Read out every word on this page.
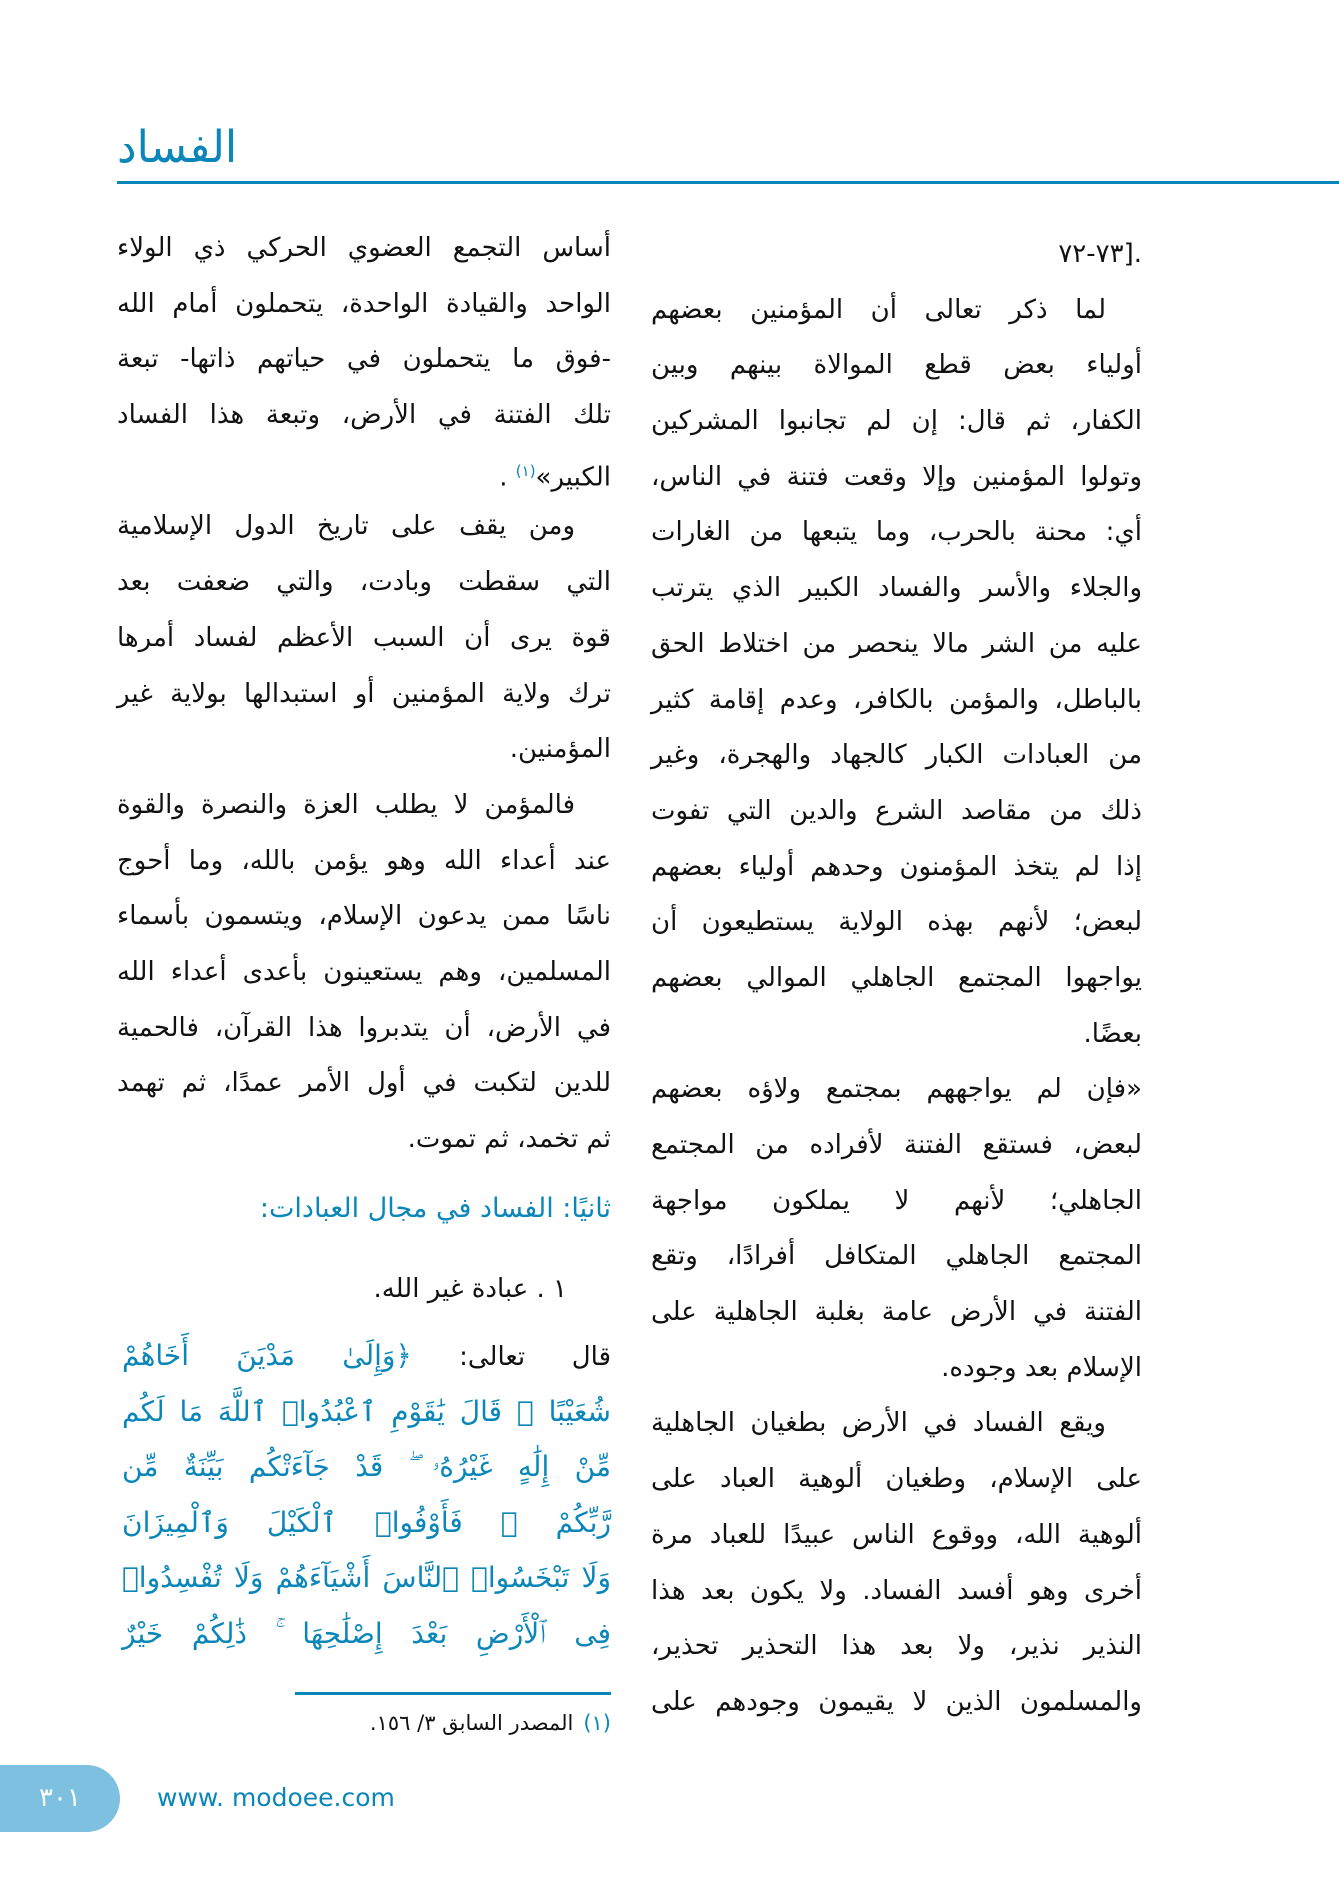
الفساد
.[٧٣-٧٢
لما ذكر تعالى أن المؤمنين بعضهم
أولياء بعض قطع الموالاة بينهم وبين
الكفار، ثم قال: إن لم تجانبوا المشركين
وتولوا المؤمنين وإلا وقعت فتنة في الناس،
أي: محنة بالحرب، وما يتبعها من الغارات
والجلاء والأسر والفساد الكبير الذي يترتب
عليه من الشر مالا ينحصر من اختلاط الحق
بالباطل، والمؤمن بالكافر، وعدم إقامة كثير
من العبادات الكبار كالجهاد والهجرة، وغير
ذلك من مقاصد الشرع والدين التي تفوت
إذا لم يتخذ المؤمنون وحدهم أولياء بعضهم
لبعض؛ لأنهم بهذه الولاية يستطيعون أن
يواجهوا المجتمع الجاهلي الموالي بعضهم
بعضًا.
«فإن لم يواجههم بمجتمع ولاؤه بعضهم
لبعض، فستقع الفتنة لأفراده من المجتمع
الجاهلي؛ لأنهم لا يملكون مواجهة
المجتمع الجاهلي المتكافل أفرادًا، وتقع
الفتنة في الأرض عامة بغلبة الجاهلية على
الإسلام بعد وجوده.
ويقع الفساد في الأرض بطغيان الجاهلية
على الإسلام، وطغيان ألوهية العباد على
ألوهية الله، ووقوع الناس عبيدًا للعباد مرة
أخرى وهو أفسد الفساد. ولا يكون بعد هذا
النذير نذير، ولا بعد هذا التحذير تحذير،
والمسلمون الذين لا يقيمون وجودهم على
أساس التجمع العضوي الحركي ذي الولاء
الواحد والقيادة الواحدة، يتحملون أمام الله
-فوق ما يتحملون في حياتهم ذاتها- تبعة
تلك الفتنة في الأرض، وتبعة هذا الفساد
الكبير»$^{(١)}$ .
ومن يقف على تاريخ الدول الإسلامية
التي سقطت وبادت، والتي ضعفت بعد
قوة يرى أن السبب الأعظم لفساد أمرها
ترك ولاية المؤمنين أو استبدالها بولاية غير
المؤمنين.
فالمؤمن لا يطلب العزة والنصرة والقوة
عند أعداء الله وهو يؤمن بالله، وما أحوج
ناسًا ممن يدعون الإسلام، ويتسمون بأسماء
المسلمين، وهم يستعينون بأعدى أعداء الله
في الأرض، أن يتدبروا هذا القرآن، فالحمية
للدين لتكبت في أول الأمر عمدًا، ثم تهمد
ثم تخمد، ثم تموت.
ثانيًا: الفساد في مجال العبادات:
١ . عبادة غير الله.
قال تعالى: ﴿وَإِلَىٰ مَدْيَنَ أَخَاهُمْ
شُعَيْبًا ۗ قَالَ يَٰقَوْمِ ٱعْبُدُوا۟ ٱللَّهَ مَا لَكُم
مِّنْ إِلَٰهٍ غَيْرُهُۥ ۖ قَدْ جَآءَتْكُم بَيِّنَةٌ مِّن
رَّبِّكُمْ ۖ فَأَوْفُوا۟ ٱلْكَيْلَ وَٱلْمِيزَانَ
وَلَا تَبْخَسُوا۟ ٱلنَّاسَ أَشْيَآءَهُمْ وَلَا تُفْسِدُوا۟
فِى ٱلْأَرْضِ بَعْدَ إِصْلَٰحِهَا ۚ ذَٰلِكُمْ خَيْرٌ
(١)المصدر السابق ٣/ ١٥٦.
٣٠١	www. modoee.com
